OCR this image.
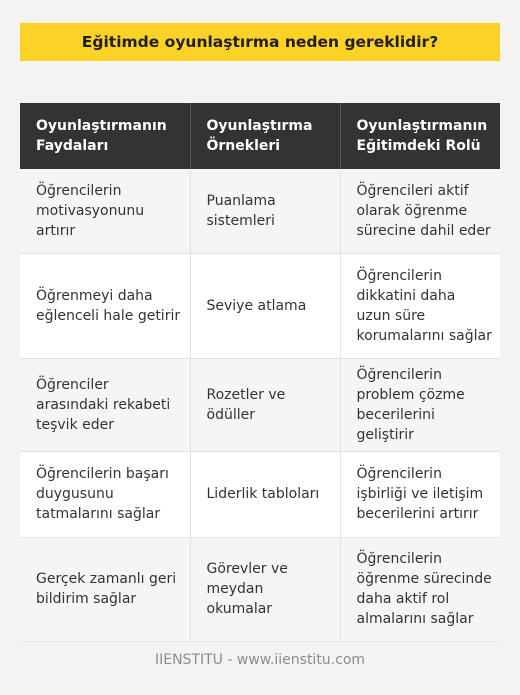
Eğitimde oyunlaştırma neden gereklidir?
Oyunlaştırmanın Faydaları	Oyunlaştırma Örnekleri	Oyunlaştırmanın Eğitimdeki Rolü
Öğrencilerin motivasyonunu artırır	Puanlama sistemleri	Öğrencileri aktif olarak öğrenme sürecine dahil eder
Öğrenmeyi daha eğlenceli hale getirir	Seviye atlama	Öğrencilerin dikkatini daha uzun süre korumalarını sağlar
Öğrenciler arasındaki rekabeti teşvik eder	Rozetler ve ödüller	Öğrencilerin problem çözme becerilerini geliştirir
Öğrencilerin başarı duygusunu tatmalarını sağlar	Liderlik tabloları	Öğrencilerin işbirliği ve iletişim becerilerini artırır
Gerçek zamanlı geri bildirim sağlar	Görevler ve meydan okumalar	Öğrencilerin öğrenme sürecinde daha aktif rol almalarını sağlar
IIENSTITU - www.iienstitu.com
